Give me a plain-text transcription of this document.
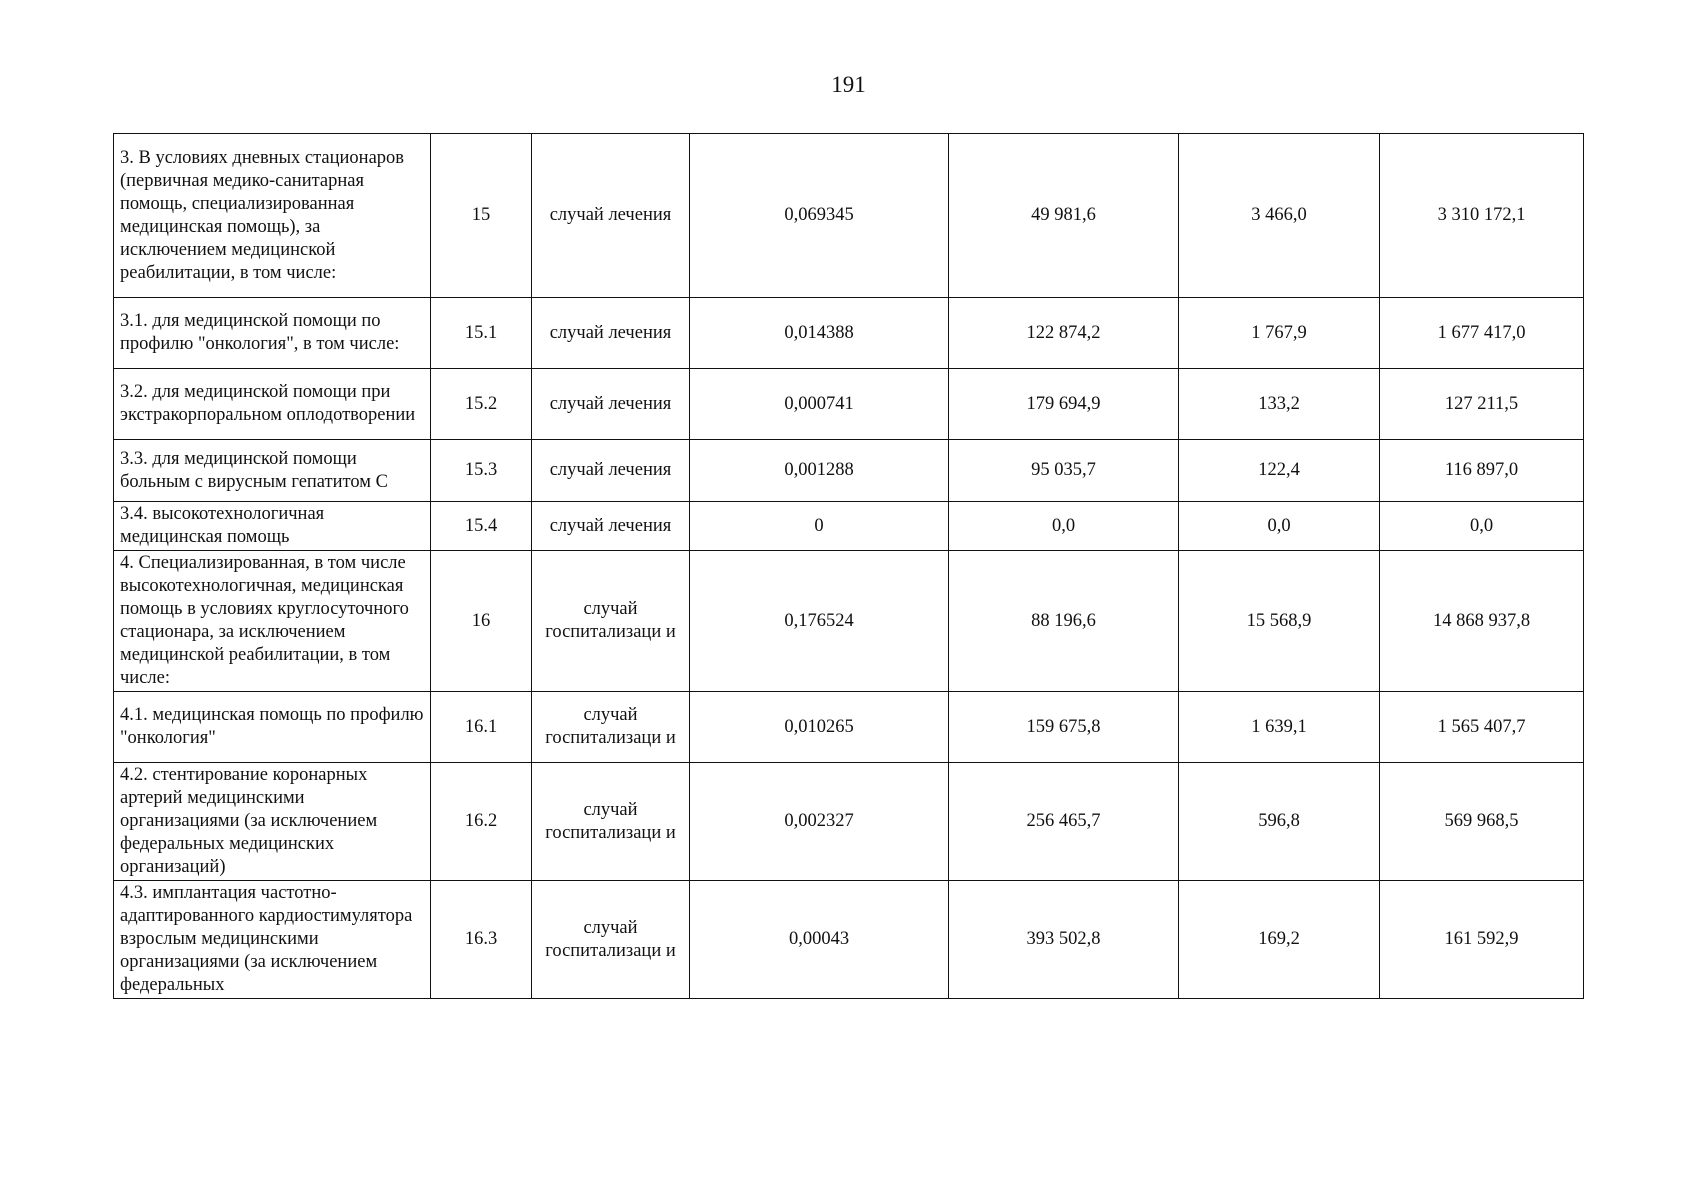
191
3. В условиях дневных стационаров (первичная медико-санитарная помощь, специализированная медицинская помощь), за исключением медицинской реабилитации, в том числе:	15	случай лечения	0,069345	49 981,6	3 466,0	3 310 172,1
3.1. для медицинской помощи по профилю "онкология", в том числе:	15.1	случай лечения	0,014388	122 874,2	1 767,9	1 677 417,0
3.2. для медицинской помощи при экстракорпоральном оплодотворении	15.2	случай лечения	0,000741	179 694,9	133,2	127 211,5
3.3. для медицинской помощи больным с вирусным гепатитом С	15.3	случай лечения	0,001288	95 035,7	122,4	116 897,0
3.4. высокотехнологичная медицинская помощь	15.4	случай лечения	0	0,0	0,0	0,0
4. Специализированная, в том числе высокотехнологичная, медицинская помощь в условиях круглосуточного стационара, за исключением медицинской реабилитации, в том числе:	16	случай госпитализаци и	0,176524	88 196,6	15 568,9	14 868 937,8
4.1. медицинская помощь по профилю "онкология"	16.1	случай госпитализаци и	0,010265	159 675,8	1 639,1	1 565 407,7
4.2. стентирование коронарных артерий медицинскими организациями (за исключением федеральных медицинских организаций)	16.2	случай госпитализаци и	0,002327	256 465,7	596,8	569 968,5
4.3. имплантация частотно-адаптированного кардиостимулятора взрослым медицинскими организациями (за исключением федеральных	16.3	случай госпитализаци и	0,00043	393 502,8	169,2	161 592,9
